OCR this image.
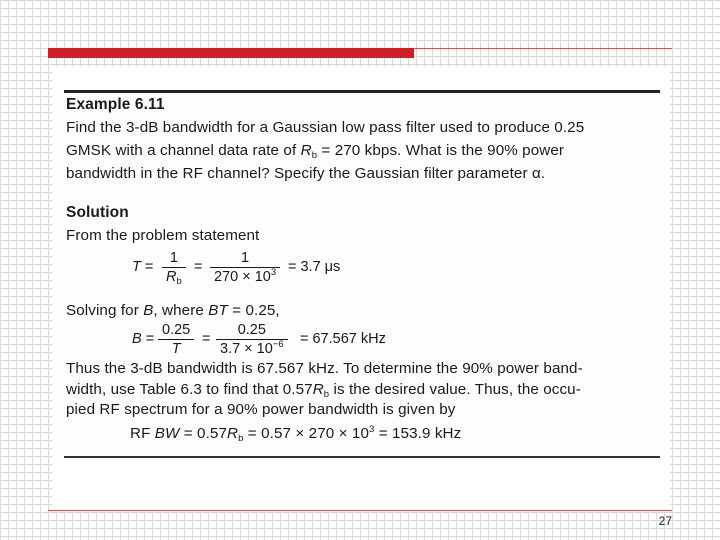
Example 6.11
Find the 3-dB bandwidth for a Gaussian low pass filter used to produce 0.25
GMSK with a channel data rate of $R_b = 270$ kbps. What is the 90% power
bandwidth in the RF channel? Specify the Gaussian filter parameter α.
Solution
From the problem statement
$T = \frac{1}{R_b} = \frac{1}{270 \times 10^3} = 3.7$ μs
Solving for B, where BT = 0.25,
$B = \frac{0.25}{T} = \frac{0.25}{3.7 \times 10^{-6}} = 67.567$ kHz
Thus the 3-dB bandwidth is 67.567 kHz. To determine the 90% power band-
width, use Table 6.3 to find that $0.57R_b$ is the desired value. Thus, the occu-
pied RF spectrum for a 90% power bandwidth is given by
RF BW = $0.57R_b = 0.57 \times 270 \times 10^3 = 153.9$ kHz
27
